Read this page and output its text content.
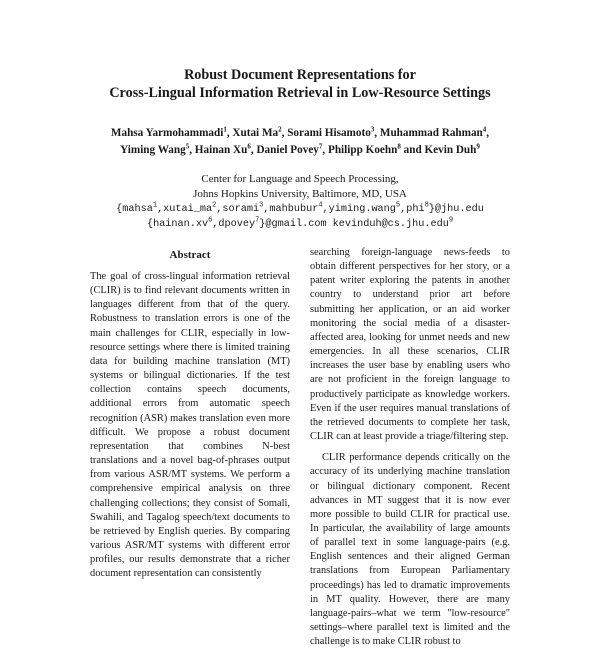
Robust Document Representations for
Cross-Lingual Information Retrieval in Low-Resource Settings
Mahsa Yarmohammadi$^1$, Xutai Ma$^2$, Sorami Hisamoto$^3$, Muhammad Rahman$^4$,
Yiming Wang$^5$, Hainan Xu$^6$, Daniel Povey$^7$, Philipp Koehn$^8$ and Kevin Duh$^9$
Center for Language and Speech Processing,
Johns Hopkins University, Baltimore, MD, USA
$\{mahsa^1,xutai\_ma^2,sorami^3,mahbubur^4,yiming.wang^5,phi^8\}@jhu.edu$
$\{hainan.xv^6,dpovey^7\}@gmail.com$ kevinduh@cs.jhu.edu$^9$
Abstract

The goal of cross-lingual information retrieval (CLIR) is to find relevant documents written in languages different from that of the query. Robustness to translation errors is one of the main challenges for CLIR, especially in low-resource settings where there is limited training data for building machine translation (MT) systems or bilingual dictionaries. If the test collection contains speech documents, additional errors from automatic speech recognition (ASR) makes translation even more difficult. We propose a robust document representation that combines N-best translations and a novel bag-of-phrases output from various ASR/MT systems. We perform a comprehensive empirical analysis on three challenging collections; they consist of Somali, Swahili, and Tagalog speech/text documents to be retrieved by English queries. By comparing various ASR/MT systems with different error profiles, our results demonstrate that a richer document representation can consistently

searching foreign-language news-feeds to obtain different perspectives for her story, or a patent writer exploring the patents in another country to understand prior art before submitting her application, or an aid worker monitoring the social media of a disaster-affected area, looking for unmet needs and new emergencies. In all these scenarios, CLIR increases the user base by enabling users who are not proficient in the foreign language to productively participate as knowledge workers. Even if the user requires manual translations of the retrieved documents to complete her task, CLIR can at least provide a triage/filtering step.

CLIR performance depends critically on the accuracy of its underlying machine translation or bilingual dictionary component. Recent advances in MT suggest that it is now ever more possible to build CLIR for practical use. In particular, the availability of large amounts of parallel text in some language-pairs (e.g. English sentences and their aligned German translations from European Parliamentary proceedings) has led to dramatic improvements in MT quality. However, there are many language-pairs–what we term "low-resource" settings–where parallel text is limited and the challenge is to make CLIR robust to
